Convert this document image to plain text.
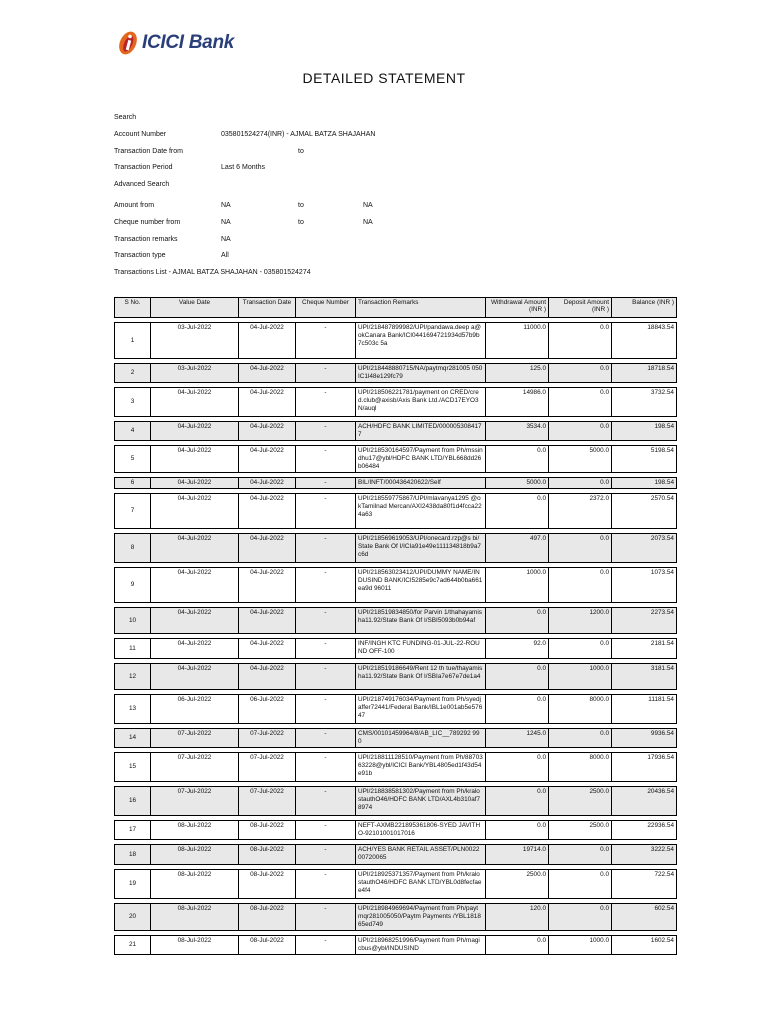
ICICI Bank
DETAILED STATEMENT
Search
Account Number	035801524274(INR) - AJMAL BATZA SHAJAHAN
Transaction Date from	to
Transaction Period	Last 6 Months
Advanced Search
Amount from	NA	to	NA
Cheque number from	NA	to	NA
Transaction remarks	NA
Transaction type	All
Transactions List - AJMAL BATZA SHAJAHAN - 035801524274
S No.	Value Date	Transaction Date	Cheque Number	Transaction Remarks	Withdrawal Amount (INR )	Deposit Amount (INR )	Balance (INR )

1	03-Jul-2022	04-Jul-2022	-	UPI/218487899982/UPI/pandawa.deep a@okCanara Bank/ICI0441694721934d57b9b7c503c 5a	11000.0	0.0	18843.54

2	03-Jul-2022	04-Jul-2022	-	UPI/218448880715/NA/paytmqr281005 050IC1l48e129fc79	125.0	0.0	18718.54

3	04-Jul-2022	04-Jul-2022	-	UPI/218506221781/payment on CRED/cred.club@axisb/Axis Bank Ltd./ACD17EYO3N/auql	14986.0	0.0	3732.54

4	04-Jul-2022	04-Jul-2022	-	ACH/HDFC BANK LIMITED/0000053084177	3534.0	0.0	198.54

5	04-Jul-2022	04-Jul-2022	-	UPI/218530164597/Payment from Ph/mssindhu17@ybl/HDFC BANK LTD/YBL668dd26b06484	0.0	5000.0	5198.54

6	04-Jul-2022	04-Jul-2022	-	BIL/INFT/000436420622/Self	5000.0	0.0	198.54

7	04-Jul-2022	04-Jul-2022	-	UPI/218559775867/UPI/mlavanya1295 @okTamilnad Mercan/AXI2438da80f1d4fcca224a63	0.0	2372.0	2570.54

8	04-Jul-2022	04-Jul-2022	-	UPI/218569619053/UPI/onecard.rzp@s bi/State Bank Of I/ICIa91e49e111134818b9a7c6d	497.0	0.0	2073.54

9	04-Jul-2022	04-Jul-2022	-	UPI/218563023412/UPI/DUMMY NAME/INDUSIND BANK/ICI5285e9c7ad644b0ba661ea9d 96011	1000.0	0.0	1073.54

10	04-Jul-2022	04-Jul-2022	-	UPI/218519834850/for Parvin 1/thahayamisha11.92/State Bank Of I/SBI5093b0b94af	0.0	1200.0	2273.54

11	04-Jul-2022	04-Jul-2022	-	INF/INGH KTC FUNDING-01-JUL-22-ROUND OFF-100	92.0	0.0	2181.54

12	04-Jul-2022	04-Jul-2022	-	UPI/218519186649/Rent 12 th tue/thayamisha11.92/State Bank Of I/SBIa7e67e7de1a4	0.0	1000.0	3181.54

13	06-Jul-2022	06-Jul-2022	-	UPI/218749176034/Payment from Ph/syedjaffer72441/Federal Bank/IBL1e001ab5e57647	0.0	8000.0	11181.54

14	07-Jul-2022	07-Jul-2022	-	CMS/00101459964/8/AB_LIC__789292 990	1245.0	0.0	9936.54

15	07-Jul-2022	07-Jul-2022	-	UPI/218811128510/Payment from Ph/8870363228@ybl/ICICI Bank/YBL4805ed1f43d54e91b	0.0	8000.0	17936.54

16	07-Jul-2022	07-Jul-2022	-	UPI/218838581302/Payment from Ph/kralostauthO46/HDFC BANK LTD/AXL4b310af78974	0.0	2500.0	20436.54

17	08-Jul-2022	08-Jul-2022	-	NEFT-AXMB221895361806-SYED JAVITH O-92101001017016	0.0	2500.0	22936.54

18	08-Jul-2022	08-Jul-2022	-	ACH/YES BANK RETAIL ASSET/PLN002200720065	19714.0	0.0	3222.54

19	08-Jul-2022	08-Jul-2022	-	UPI/218925371357/Payment from Ph/kralostauthO46/HDFC BANK LTD/YBL0d8fecfaee4f4	2500.0	0.0	722.54

20	08-Jul-2022	08-Jul-2022	-	UPI/218984969694/Payment from Ph/paytmqr281005050/Paytm Payments /YBL181865ed749	120.0	0.0	602.54

21	08-Jul-2022	08-Jul-2022	-	UPI/218968251996/Payment from Ph/magicbus@ybl/INDUSIND	0.0	1000.0	1602.54
